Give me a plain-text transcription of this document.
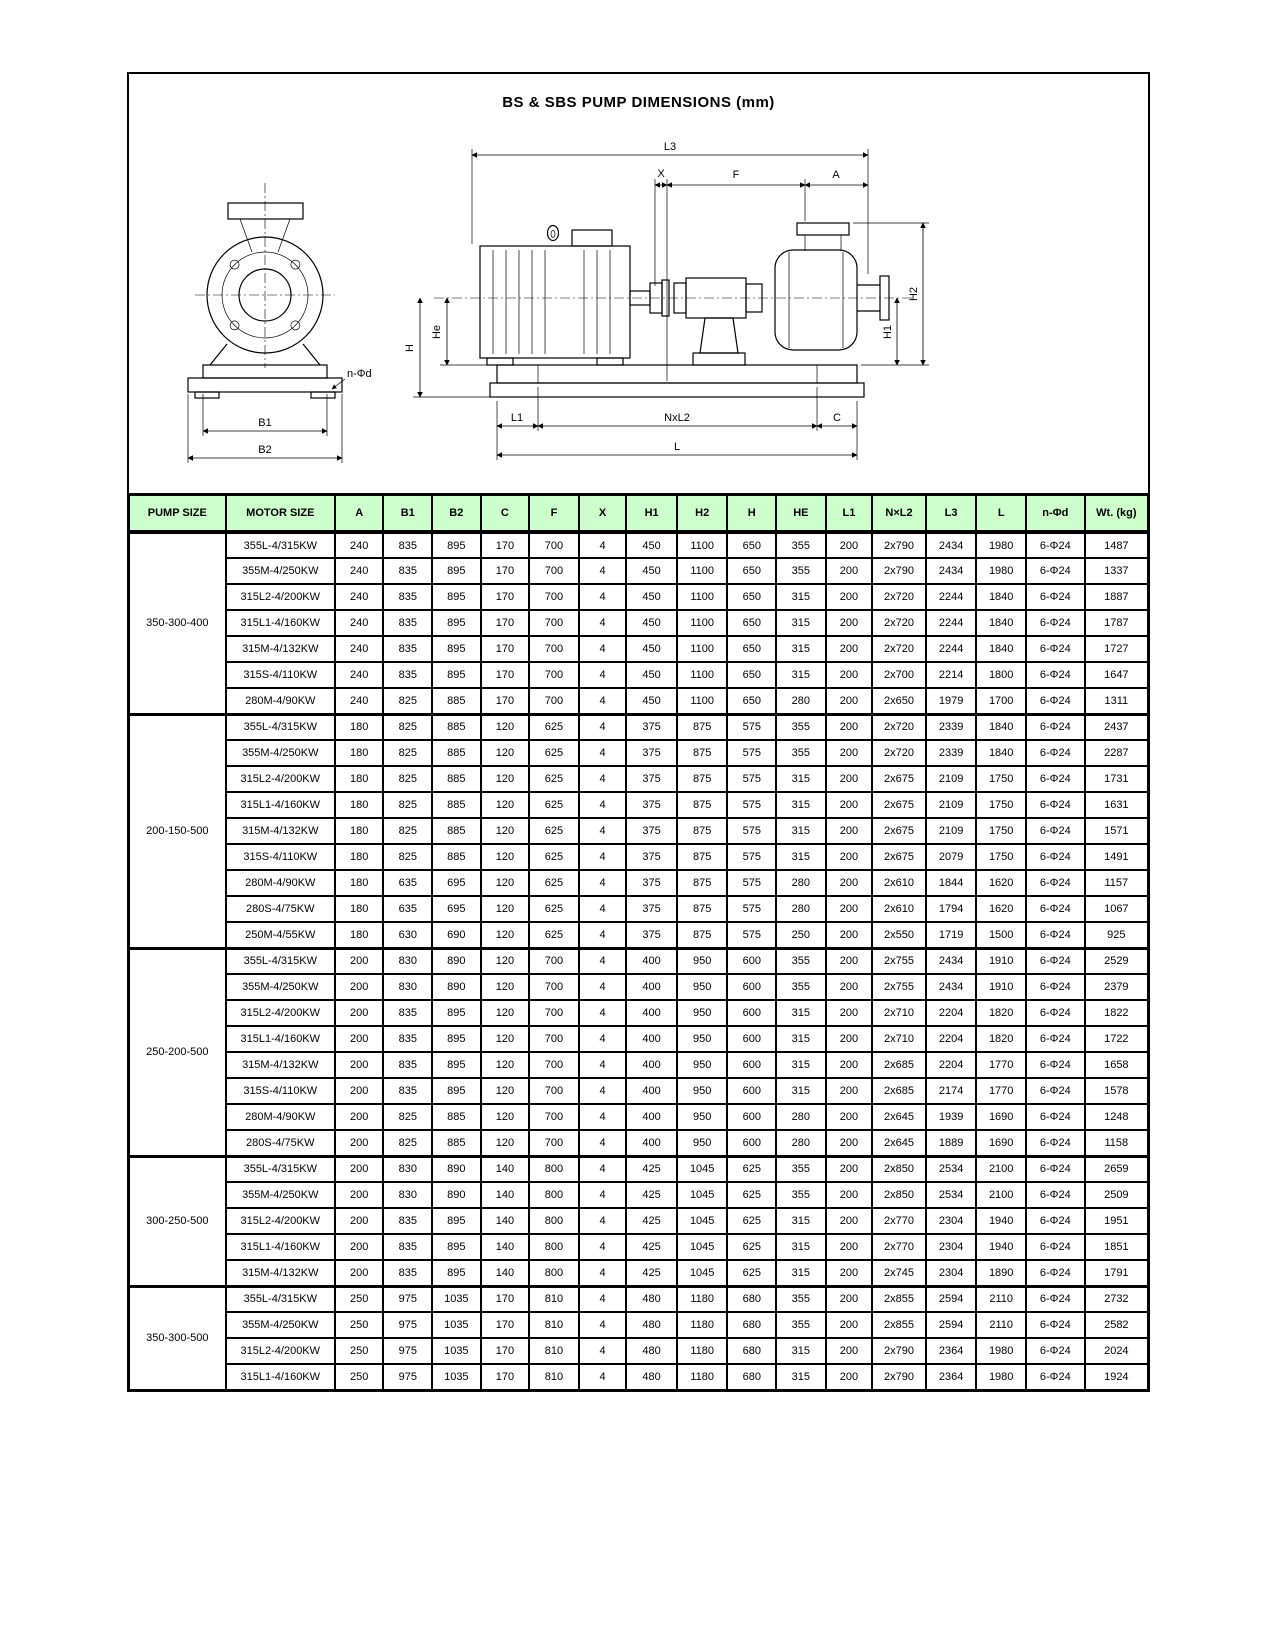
BS & SBS PUMP DIMENSIONS (mm)
n-Φd
B1
B2
L3
X	F	A
H2
H1
He
H
L1	NxL2	C
L
PUMP SIZE	MOTOR SIZE	A	B1	B2	C	F	X	H1	H2	H	HE	L1	N×L2	L3	L	n-Φd	Wt. (kg)
350-300-400	355L-4/315KW	240	835	895	170	700	4	450	1100	650	355	200	2x790	2434	1980	6-Φ24	1487
	355M-4/250KW	240	835	895	170	700	4	450	1100	650	355	200	2x790	2434	1980	6-Φ24	1337
	315L2-4/200KW	240	835	895	170	700	4	450	1100	650	315	200	2x720	2244	1840	6-Φ24	1887
	315L1-4/160KW	240	835	895	170	700	4	450	1100	650	315	200	2x720	2244	1840	6-Φ24	1787
	315M-4/132KW	240	835	895	170	700	4	450	1100	650	315	200	2x720	2244	1840	6-Φ24	1727
	315S-4/110KW	240	835	895	170	700	4	450	1100	650	315	200	2x700	2214	1800	6-Φ24	1647
	280M-4/90KW	240	825	885	170	700	4	450	1100	650	280	200	2x650	1979	1700	6-Φ24	1311
200-150-500	355L-4/315KW	180	825	885	120	625	4	375	875	575	355	200	2x720	2339	1840	6-Φ24	2437
	355M-4/250KW	180	825	885	120	625	4	375	875	575	355	200	2x720	2339	1840	6-Φ24	2287
	315L2-4/200KW	180	825	885	120	625	4	375	875	575	315	200	2x675	2109	1750	6-Φ24	1731
	315L1-4/160KW	180	825	885	120	625	4	375	875	575	315	200	2x675	2109	1750	6-Φ24	1631
	315M-4/132KW	180	825	885	120	625	4	375	875	575	315	200	2x675	2109	1750	6-Φ24	1571
	315S-4/110KW	180	825	885	120	625	4	375	875	575	315	200	2x675	2079	1750	6-Φ24	1491
	280M-4/90KW	180	635	695	120	625	4	375	875	575	280	200	2x610	1844	1620	6-Φ24	1157
	280S-4/75KW	180	635	695	120	625	4	375	875	575	280	200	2x610	1794	1620	6-Φ24	1067
	250M-4/55KW	180	630	690	120	625	4	375	875	575	250	200	2x550	1719	1500	6-Φ24	925
250-200-500	355L-4/315KW	200	830	890	120	700	4	400	950	600	355	200	2x755	2434	1910	6-Φ24	2529
	355M-4/250KW	200	830	890	120	700	4	400	950	600	355	200	2x755	2434	1910	6-Φ24	2379
	315L2-4/200KW	200	835	895	120	700	4	400	950	600	315	200	2x710	2204	1820	6-Φ24	1822
	315L1-4/160KW	200	835	895	120	700	4	400	950	600	315	200	2x710	2204	1820	6-Φ24	1722
	315M-4/132KW	200	835	895	120	700	4	400	950	600	315	200	2x685	2204	1770	6-Φ24	1658
	315S-4/110KW	200	835	895	120	700	4	400	950	600	315	200	2x685	2174	1770	6-Φ24	1578
	280M-4/90KW	200	825	885	120	700	4	400	950	600	280	200	2x645	1939	1690	6-Φ24	1248
	280S-4/75KW	200	825	885	120	700	4	400	950	600	280	200	2x645	1889	1690	6-Φ24	1158
300-250-500	355L-4/315KW	200	830	890	140	800	4	425	1045	625	355	200	2x850	2534	2100	6-Φ24	2659
	355M-4/250KW	200	830	890	140	800	4	425	1045	625	355	200	2x850	2534	2100	6-Φ24	2509
	315L2-4/200KW	200	835	895	140	800	4	425	1045	625	315	200	2x770	2304	1940	6-Φ24	1951
	315L1-4/160KW	200	835	895	140	800	4	425	1045	625	315	200	2x770	2304	1940	6-Φ24	1851
	315M-4/132KW	200	835	895	140	800	4	425	1045	625	315	200	2x745	2304	1890	6-Φ24	1791
350-300-500	355L-4/315KW	250	975	1035	170	810	4	480	1180	680	355	200	2x855	2594	2110	6-Φ24	2732
	355M-4/250KW	250	975	1035	170	810	4	480	1180	680	355	200	2x855	2594	2110	6-Φ24	2582
	315L2-4/200KW	250	975	1035	170	810	4	480	1180	680	315	200	2x790	2364	1980	6-Φ24	2024
	315L1-4/160KW	250	975	1035	170	810	4	480	1180	680	315	200	2x790	2364	1980	6-Φ24	1924
